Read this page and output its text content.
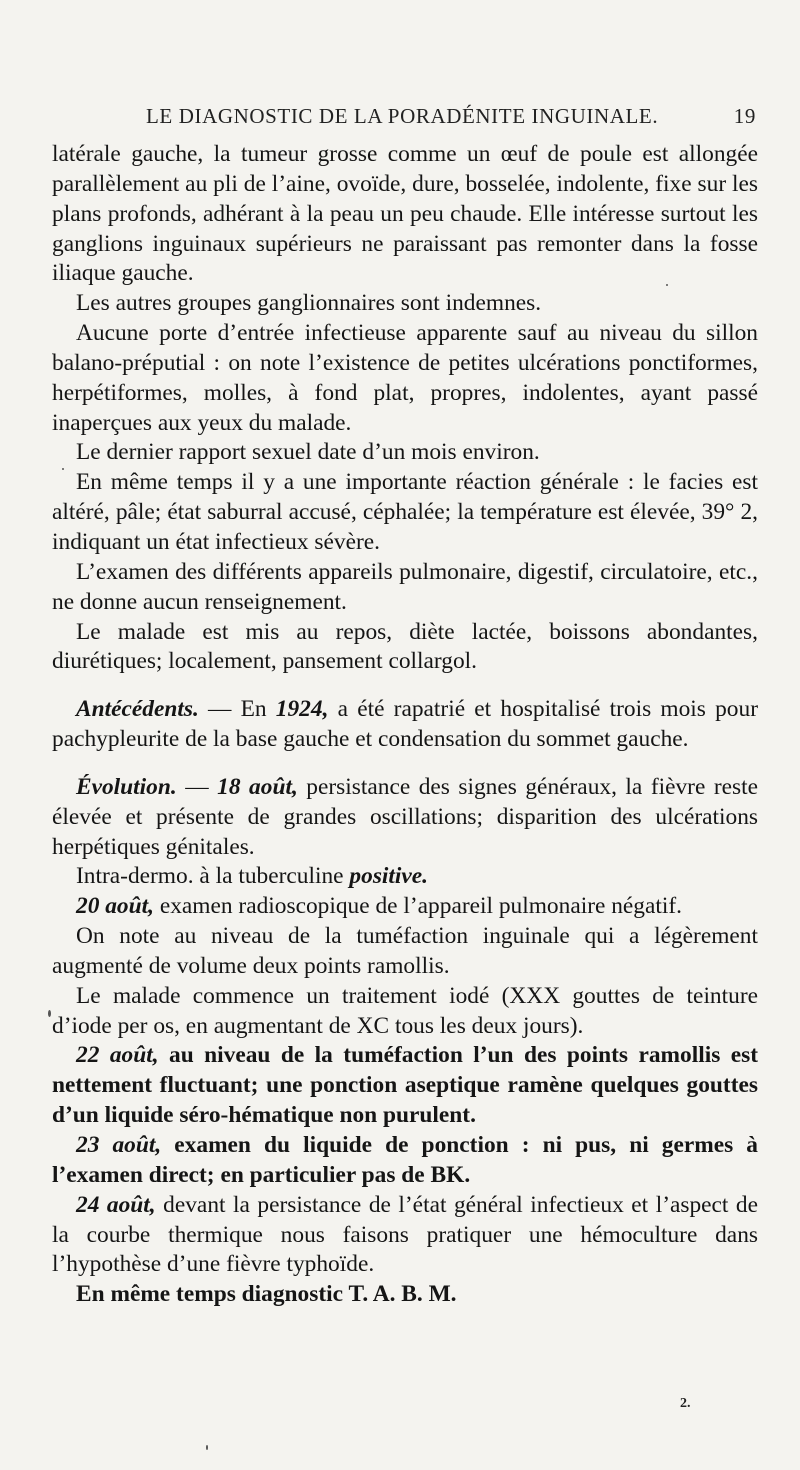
LE DIAGNOSTIC DE LA PORADÉNITE INGUINALE.	19

latérale gauche, la tumeur grosse comme un œuf de poule est allongée parallèlement au pli de l’aine, ovoïde, dure, bosselée, indolente, fixe sur les plans profonds, adhérant à la peau un peu chaude. Elle intéresse surtout les ganglions inguinaux supérieurs ne paraissant pas remonter dans la fosse iliaque gauche.

Les autres groupes ganglionnaires sont indemnes.

Aucune porte d’entrée infectieuse apparente sauf au niveau du sillon balano-préputial : on note l’existence de petites ulcérations ponctiformes, herpétiformes, molles, à fond plat, propres, indolentes, ayant passé inaperçues aux yeux du malade.

Le dernier rapport sexuel date d’un mois environ.

En même temps il y a une importante réaction générale : le facies est altéré, pâle; état saburral accusé, céphalée; la température est élevée, 39° 2, indiquant un état infectieux sévère.

L’examen des différents appareils pulmonaire, digestif, circulatoire, etc., ne donne aucun renseignement.

Le malade est mis au repos, diète lactée, boissons abondantes, diurétiques; localement, pansement collargol.

Antécédents. — En 1924, a été rapatrié et hospitalisé trois mois pour pachypleurite de la base gauche et condensation du sommet gauche.

Évolution. — 18 août, persistance des signes généraux, la fièvre reste élevée et présente de grandes oscillations; disparition des ulcérations herpétiques génitales.

Intra-dermo. à la tuberculine positive.

20 août, examen radioscopique de l’appareil pulmonaire négatif.

On note au niveau de la tuméfaction inguinale qui a légèrement augmenté de volume deux points ramollis.

Le malade commence un traitement iodé (XXX gouttes de teinture d’iode per os, en augmentant de XC tous les deux jours).

22 août, au niveau de la tuméfaction l’un des points ramollis est nettement fluctuant; une ponction aseptique ramène quelques gouttes d’un liquide séro-hématique non purulent.

23 août, examen du liquide de ponction : ni pus, ni germes à l’examen direct; en particulier pas de BK.

24 août, devant la persistance de l’état général infectieux et l’aspect de la courbe thermique nous faisons pratiquer une hémoculture dans l’hypothèse d’une fièvre typhoïde.

En même temps diagnostic T. A. B. M.

2.
